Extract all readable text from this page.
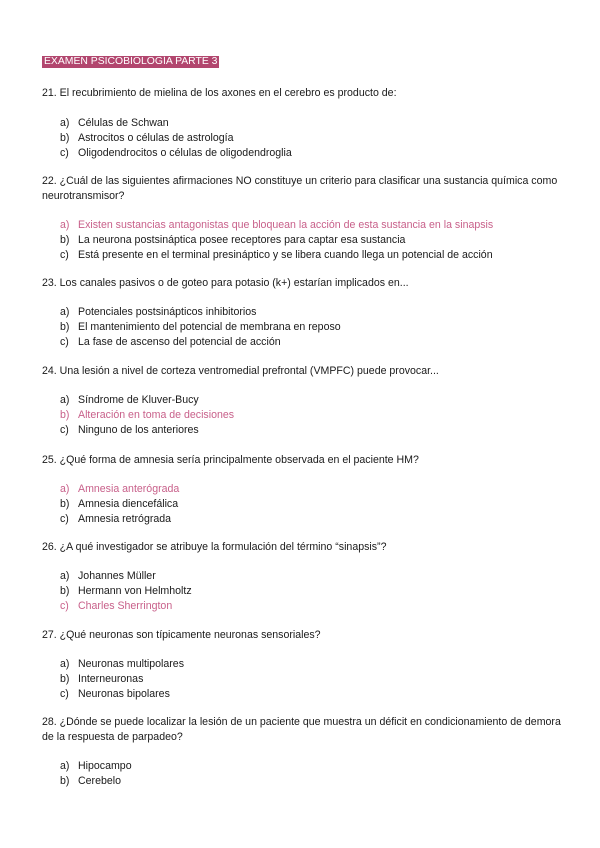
EXAMEN PSICOBIOLOGÍA PARTE 3

21. El recubrimiento de mielina de los axones en el cerebro es producto de:

a) Células de Schwan
b) Astrocitos o células de astrología
c) Oligodendrocitos o células de oligodendroglia

22. ¿Cuál de las siguientes afirmaciones NO constituye un criterio para clasificar una sustancia química como neurotransmisor?

a) Existen sustancias antagonistas que bloquean la acción de esta sustancia en la sinapsis
b) La neurona postsináptica posee receptores para captar esa sustancia
c) Está presente en el terminal presináptico y se libera cuando llega un potencial de acción

23. Los canales pasivos o de goteo para potasio (k+) estarían implicados en...

a) Potenciales postsinápticos inhibitorios
b) El mantenimiento del potencial de membrana en reposo
c) La fase de ascenso del potencial de acción

24. Una lesión a nivel de corteza ventromedial prefrontal (VMPFC) puede provocar...

a) Síndrome de Kluver-Bucy
b) Alteración en toma de decisiones
c) Ninguno de los anteriores

25. ¿Qué forma de amnesia sería principalmente observada en el paciente HM?

a) Amnesia anterógrada
b) Amnesia diencefálica
c) Amnesia retrógrada

26. ¿A qué investigador se atribuye la formulación del término “sinapsis”?

a) Johannes Müller
b) Hermann von Helmholtz
c) Charles Sherrington

27. ¿Qué neuronas son típicamente neuronas sensoriales?

a) Neuronas multipolares
b) Interneuronas
c) Neuronas bipolares

28. ¿Dónde se puede localizar la lesión de un paciente que muestra un déficit en condicionamiento de demora de la respuesta de parpadeo?

a) Hipocampo
b) Cerebelo
